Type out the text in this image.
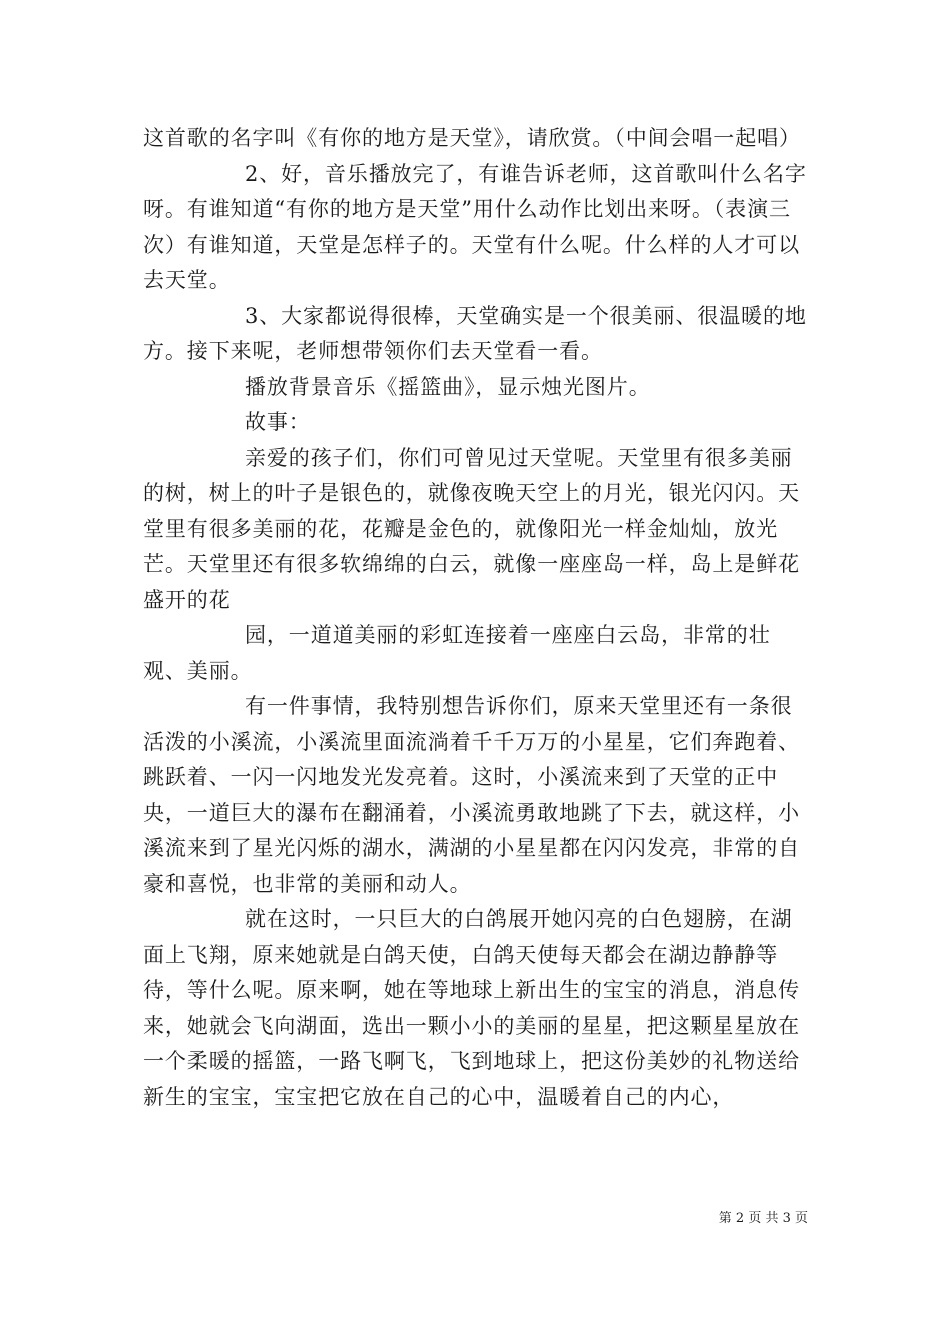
这首歌的名字叫《有你的地方是天堂》，请欣赏。（中间会唱一起唱）

2、好，音乐播放完了，有谁告诉老师，这首歌叫什么名字呀。有谁知道“有你的地方是天堂”用什么动作比划出来呀。（表演三次）有谁知道，天堂是怎样子的。天堂有什么呢。什么样的人才可以去天堂。

3、大家都说得很棒，天堂确实是一个很美丽、很温暖的地方。接下来呢，老师想带领你们去天堂看一看。

播放背景音乐《摇篮曲》，显示烛光图片。

故事：

亲爱的孩子们，你们可曾见过天堂呢。天堂里有很多美丽的树，树上的叶子是银色的，就像夜晚天空上的月光，银光闪闪。天堂里有很多美丽的花，花瓣是金色的，就像阳光一样金灿灿，放光芒。天堂里还有很多软绵绵的白云，就像一座座岛一样，岛上是鲜花盛开的花

园，一道道美丽的彩虹连接着一座座白云岛，非常的壮观、美丽。

有一件事情，我特别想告诉你们，原来天堂里还有一条很活泼的小溪流，小溪流里面流淌着千千万万的小星星，它们奔跑着、跳跃着、一闪一闪地发光发亮着。这时，小溪流来到了天堂的正中央，一道巨大的瀑布在翻涌着，小溪流勇敢地跳了下去，就这样，小溪流来到了星光闪烁的湖水，满湖的小星星都在闪闪发亮，非常的自豪和喜悦，也非常的美丽和动人。

就在这时，一只巨大的白鸽展开她闪亮的白色翅膀，在湖面上飞翔，原来她就是白鸽天使，白鸽天使每天都会在湖边静静等待，等什么呢。原来啊，她在等地球上新出生的宝宝的消息，消息传来，她就会飞向湖面，选出一颗小小的美丽的星星，把这颗星星放在一个柔暖的摇篮，一路飞啊飞，飞到地球上，把这份美妙的礼物送给新生的宝宝，宝宝把它放在自己的心中，温暖着自己的内心，

第 2 页 共 3 页
